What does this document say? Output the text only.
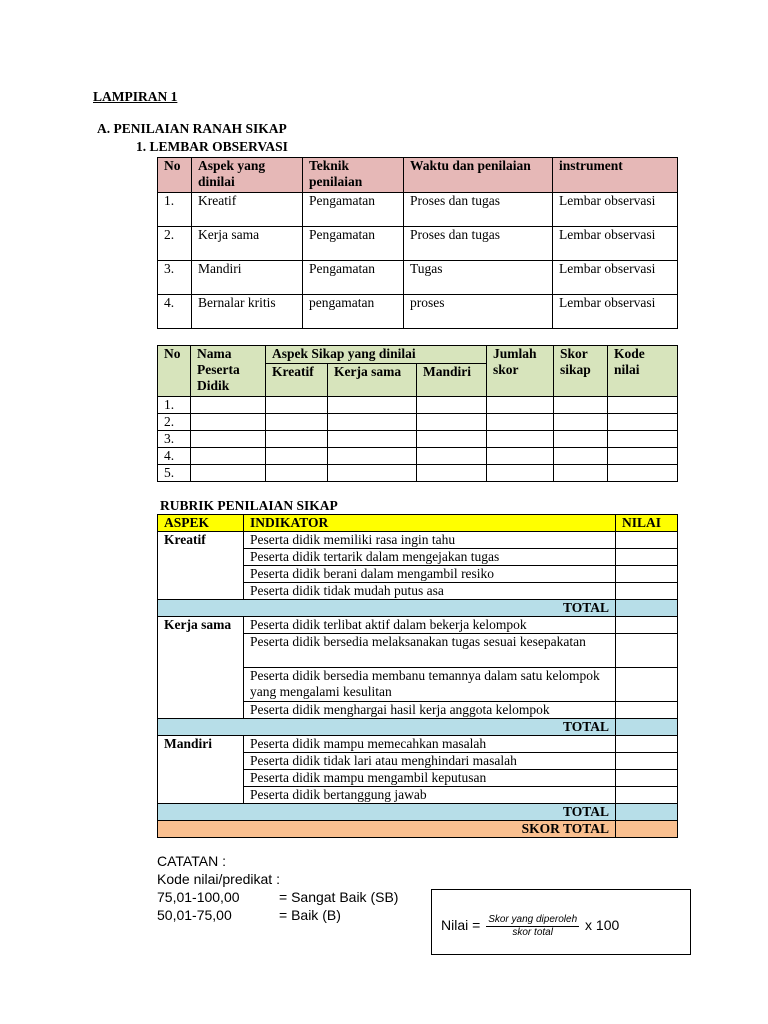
LAMPIRAN 1
A. PENILAIAN RANAH SIKAP
1. LEMBAR OBSERVASI
No	Aspek yang dinilai	Teknik penilaian	Waktu dan penilaian	instrument
1.	Kreatif	Pengamatan	Proses dan tugas	Lembar observasi
2.	Kerja sama	Pengamatan	Proses dan tugas	Lembar observasi
3.	Mandiri	Pengamatan	Tugas	Lembar observasi
4.	Bernalar kritis	pengamatan	proses	Lembar observasi
No	Nama Peserta Didik	Aspek Sikap yang dinilai			Jumlah skor	Skor sikap	Kode nilai
		Kreatif	Kerja sama	Mandiri			
1.							
2.							
3.							
4.							
5.							
RUBRIK PENILAIAN SIKAP
ASPEK	INDIKATOR	NILAI
Kreatif	Peserta didik memiliki rasa ingin tahu	
	Peserta didik tertarik dalam mengejakan tugas	
	Peserta didik berani dalam mengambil resiko	
	Peserta didik tidak mudah putus asa	
TOTAL		
Kerja sama	Peserta didik terlibat aktif dalam bekerja kelompok	
	Peserta didik bersedia melaksanakan tugas sesuai kesepakatan	
	Peserta didik bersedia membanu temannya dalam satu kelompok yang mengalami kesulitan	
	Peserta didik menghargai hasil kerja anggota kelompok	
TOTAL		
Mandiri	Peserta didik mampu memecahkan masalah	
	Peserta didik tidak lari atau menghindari masalah	
	Peserta didik mampu mengambil keputusan	
	Peserta didik bertanggung jawab	
TOTAL		
SKOR TOTAL		
CATATAN :
Kode nilai/predikat :
75,01-100,00	= Sangat Baik (SB)
50,01-75,00	= Baik (B)
Nilai = $\frac{\text{Skor yang diperoleh}}{\text{skor total}}$ x 100
